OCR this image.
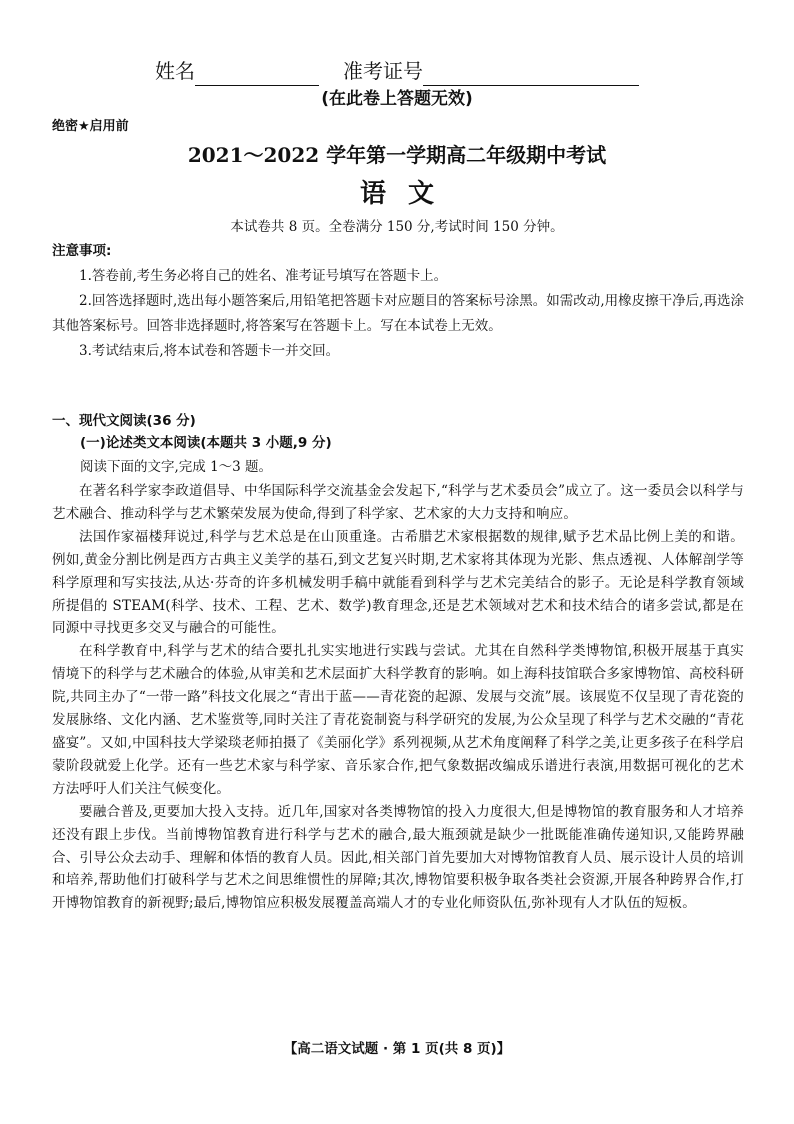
姓名	准考证号
(在此卷上答题无效)
绝密★启用前
2021～2022 学年第一学期高二年级期中考试
语文
本试卷共 8 页。全卷满分 150 分,考试时间 150 分钟。
注意事项:

1.答卷前,考生务必将自己的姓名、准考证号填写在答题卡上。

2.回答选择题时,选出每小题答案后,用铅笔把答题卡对应题目的答案标号涂黑。如需改动,用橡皮擦干净后,再选涂其他答案标号。回答非选择题时,将答案写在答题卡上。写在本试卷上无效。

3.考试结束后,将本试卷和答题卡一并交回。

一、现代文阅读(36 分)
(一)论述类文本阅读(本题共 3 小题,9 分)
阅读下面的文字,完成 1～3 题。

在著名科学家李政道倡导、中华国际科学交流基金会发起下,“科学与艺术委员会”成立了。这一委员会以科学与艺术融合、推动科学与艺术繁荣发展为使命,得到了科学家、艺术家的大力支持和响应。

法国作家福楼拜说过,科学与艺术总是在山顶重逢。古希腊艺术家根据数的规律,赋予艺术品比例上美的和谐。例如,黄金分割比例是西方古典主义美学的基石,到文艺复兴时期,艺术家将其体现为光影、焦点透视、人体解剖学等科学原理和写实技法,从达·芬奇的许多机械发明手稿中就能看到科学与艺术完美结合的影子。无论是科学教育领域所提倡的 STEAM(科学、技术、工程、艺术、数学)教育理念,还是艺术领域对艺术和技术结合的诸多尝试,都是在同源中寻找更多交叉与融合的可能性。

在科学教育中,科学与艺术的结合要扎扎实实地进行实践与尝试。尤其在自然科学类博物馆,积极开展基于真实情境下的科学与艺术融合的体验,从审美和艺术层面扩大科学教育的影响。如上海科技馆联合多家博物馆、高校科研院,共同主办了“一带一路”科技文化展之“青出于蓝——青花瓷的起源、发展与交流”展。该展览不仅呈现了青花瓷的发展脉络、文化内涵、艺术鉴赏等,同时关注了青花瓷制瓷与科学研究的发展,为公众呈现了科学与艺术交融的“青花盛宴”。又如,中国科技大学梁琰老师拍摄了《美丽化学》系列视频,从艺术角度阐释了科学之美,让更多孩子在科学启蒙阶段就爱上化学。还有一些艺术家与科学家、音乐家合作,把气象数据改编成乐谱进行表演,用数据可视化的艺术方法呼吁人们关注气候变化。

要融合普及,更要加大投入支持。近几年,国家对各类博物馆的投入力度很大,但是博物馆的教育服务和人才培养还没有跟上步伐。当前博物馆教育进行科学与艺术的融合,最大瓶颈就是缺少一批既能准确传递知识,又能跨界融合、引导公众去动手、理解和体悟的教育人员。因此,相关部门首先要加大对博物馆教育人员、展示设计人员的培训和培养,帮助他们打破科学与艺术之间思维惯性的屏障;其次,博物馆要积极争取各类社会资源,开展各种跨界合作,打开博物馆教育的新视野;最后,博物馆应积极发展覆盖高端人才的专业化师资队伍,弥补现有人才队伍的短板。

【高二语文试题 · 第 1 页(共 8 页)】
